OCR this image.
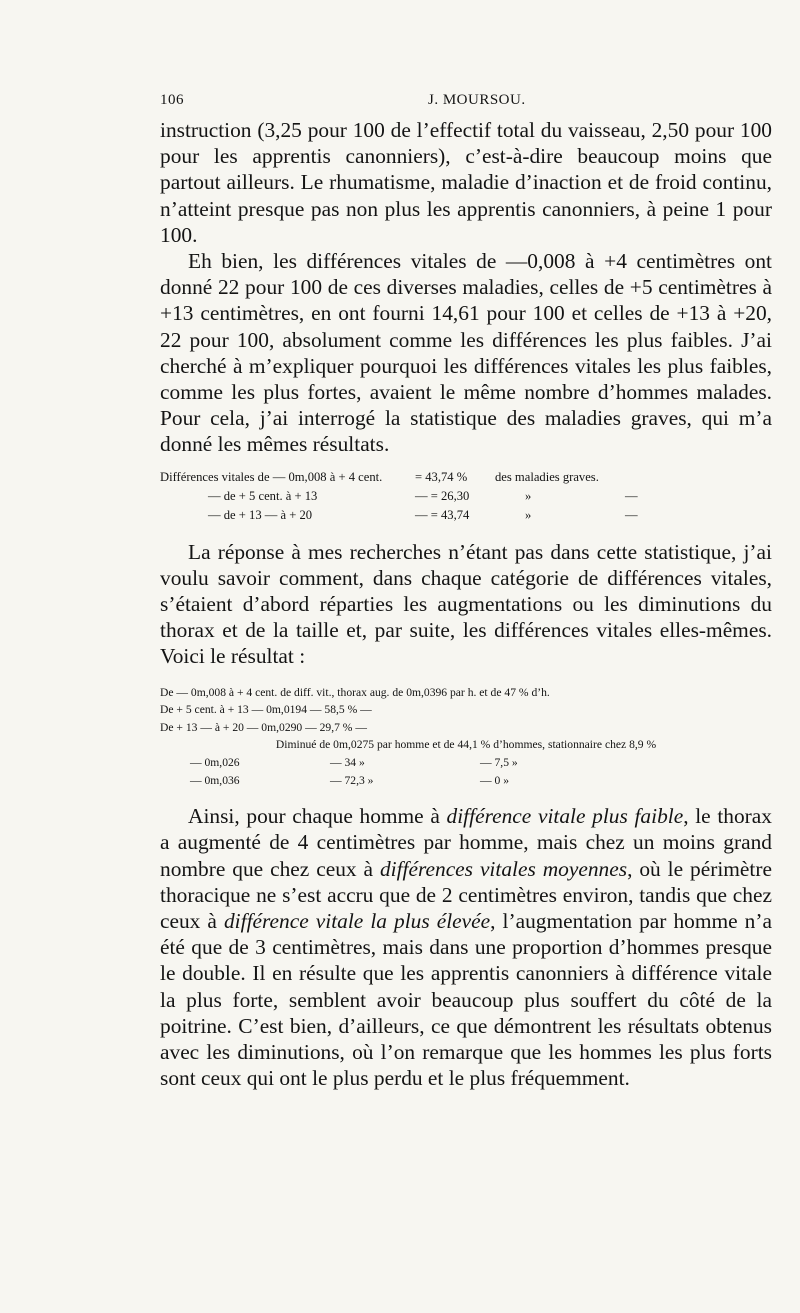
106	J. MOURSOU.

instruction (3,25 pour 100 de l’effectif total du vaisseau, 2,50 pour 100 pour les apprentis canonniers), c’est-à-dire beaucoup moins que partout ailleurs. Le rhumatisme, maladie d’inaction et de froid continu, n’atteint presque pas non plus les apprentis canonniers, à peine 1 pour 100.

Eh bien, les différences vitales de —0,008 à +4 centimètres ont donné 22 pour 100 de ces diverses maladies, celles de +5 centimètres à +13 centimètres, en ont fourni 14,61 pour 100 et celles de +13 à +20, 22 pour 100, absolument comme les différences les plus faibles. J’ai cherché à m’expliquer pourquoi les différences vitales les plus faibles, comme les plus fortes, avaient le même nombre d’hommes malades. Pour cela, j’ai interrogé la statistique des maladies graves, qui m’a donné les mêmes résultats.

Différences vitales de — 0m,008 à + 4 cent.	= 43,74 %	des maladies graves.
— de + 5 cent. à + 13	— = 26,30	»	—
— de + 13 — à + 20	— = 43,74	»	—

La réponse à mes recherches n’étant pas dans cette statistique, j’ai voulu savoir comment, dans chaque catégorie de différences vitales, s’étaient d’abord réparties les augmentations ou les diminutions du thorax et de la taille et, par suite, les différences vitales elles-mêmes. Voici le résultat :

De — 0m,008 à + 4 cent. de diff. vit., thorax aug. de 0m,0396 par h. et de 47 % d’h.
De + 5 cent. à + 13 — 0m,0194 — 58,5 % —
De + 13 — à + 20 — 0m,0290 — 29,7 % —
Diminué de 0m,0275 par homme et de 44,1 % d’hommes, stationnaire chez 8,9 %
— 0m,026	— 34 »	— 7,5 »
— 0m,036	— 72,3 »	— 0 »

Ainsi, pour chaque homme à différence vitale plus faible, le thorax a augmenté de 4 centimètres par homme, mais chez un moins grand nombre que chez ceux à différences vitales moyennes, où le périmètre thoracique ne s’est accru que de 2 centimètres environ, tandis que chez ceux à différence vitale la plus élevée, l’augmentation par homme n’a été que de 3 centimètres, mais dans une proportion d’hommes presque le double. Il en résulte que les apprentis canonniers à différence vitale la plus forte, semblent avoir beaucoup plus souffert du côté de la poitrine. C’est bien, d’ailleurs, ce que démontrent les résultats obtenus avec les diminutions, où l’on remarque que les hommes les plus forts sont ceux qui ont le plus perdu et le plus fréquemment.
